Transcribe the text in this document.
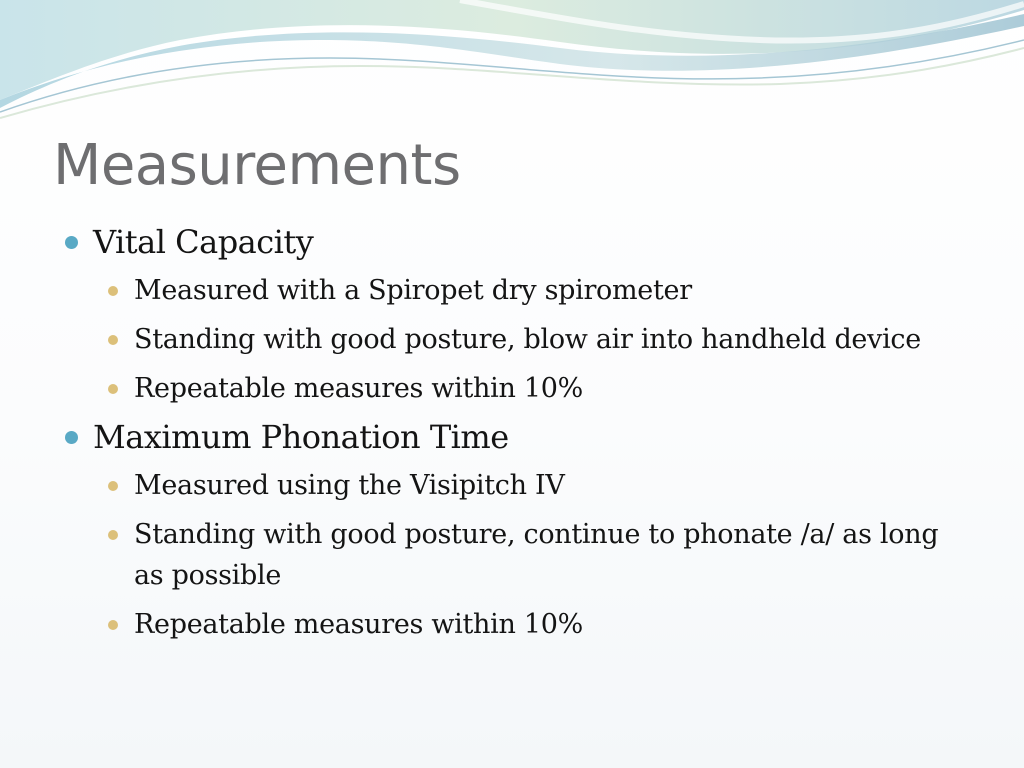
Measurements
Vital Capacity
Measured with a Spiropet dry spirometer
Standing with good posture, blow air into handheld device
Repeatable measures within 10%
Maximum Phonation Time
Measured using the Visipitch IV
Standing with good posture, continue to phonate /a/ as long as possible
Repeatable measures within 10%
